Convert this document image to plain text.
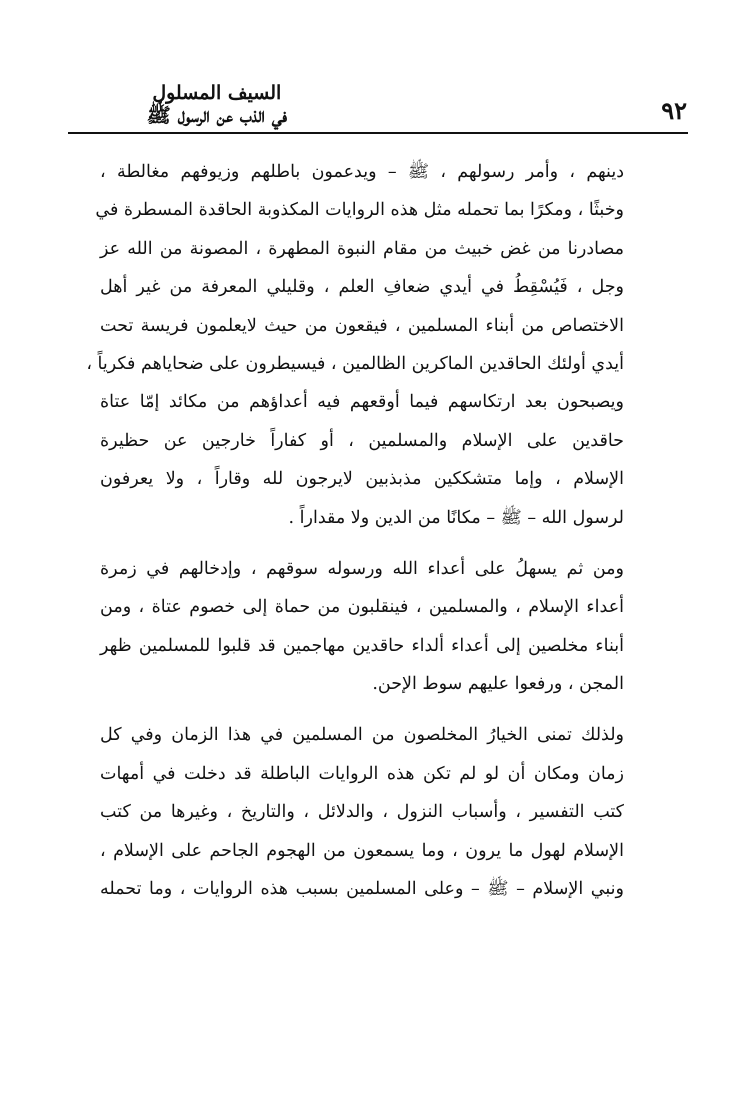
٩٢
السيف المسلول
في الذب عن الرسول ﷺ
دينهم ، وأمر رسولهم ، ﷺ – ويدعمون باطلهم وزيوفهم مغالطة ،
وخبثًا ، ومكرًا بما تحمله مثل هذه الروايات المكذوبة الحاقدة المسطرة في
مصادرنا من غض خبيث من مقام النبوة المطهرة ، المصونة من الله عز
وجل ، فَيُسْقِطُ في أيدي ضعافِ العلم ، وقليلي المعرفة من غير أهل
الاختصاص من أبناء المسلمين ، فيقعون من حيث لايعلمون فريسة تحت
أيدي أولئك الحاقدين الماكرين الظالمين ، فيسيطرون على ضحاياهم فكرياً ،
ويصبحون بعد ارتكاسهم فيما أوقعهم فيه أعداؤهم من مكائد إمّا عتاة
حاقدين على الإسلام والمسلمين ، أو كفاراً خارجين عن حظيرة
الإسلام ، وإما متشككين مذبذبين لايرجون لله وقاراً ، ولا يعرفون
لرسول الله – ﷺ – مكانًا من الدين ولا مقداراً .
ومن ثم يسهلُ على أعداء الله ورسوله سوقهم ، وإدخالهم في زمرة
أعداء الإسلام ، والمسلمين ، فينقلبون من حماة إلى خصوم عتاة ، ومن
أبناء مخلصين إلى أعداء ألداء حاقدين مهاجمين قد قلبوا للمسلمين ظهر
المجن ، ورفعوا عليهم سوط الإحن.
ولذلك تمنى الخيارُ المخلصون من المسلمين في هذا الزمان وفي كل
زمان ومكان أن لو لم تكن هذه الروايات الباطلة قد دخلت في أمهات
كتب التفسير ، وأسباب النزول ، والدلائل ، والتاريخ ، وغيرها من كتب
الإسلام لهول ما يرون ، وما يسمعون من الهجوم الجاحم على الإسلام ،
ونبي الإسلام – ﷺ – وعلى المسلمين بسبب هذه الروايات ، وما تحمله
